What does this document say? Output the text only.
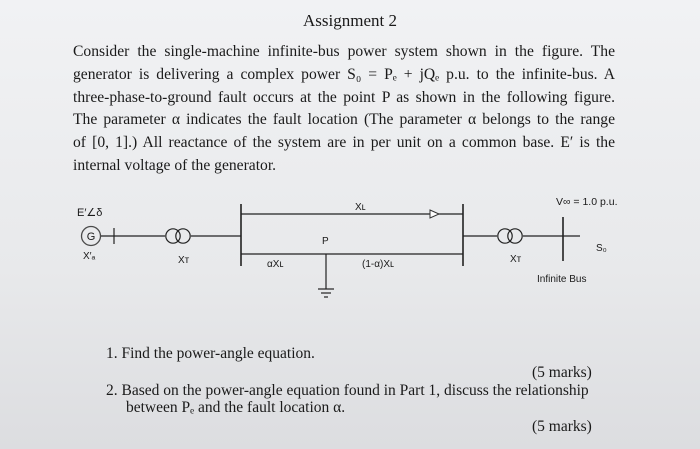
Assignment 2
Consider the single-machine infinite-bus power system shown in the figure. The
generator is delivering a complex power S₀ = Pₑ + jQₑ p.u. to the infinite-bus. A
three-phase-to-ground fault occurs at the point P as shown in the following figure.
The parameter α indicates the fault location (The parameter α belongs to the range
of [0, 1].) All reactance of the system are in per unit on a common base. E′ is the
internal voltage of the generator.
G
E′∠δ
X′ₐ	Xᴛ
Xʟ
αXʟ	(1-α)Xʟ
P
Xᴛ
V∞ = 1.0 p.u.
S₀
Infinite Bus
1. Find the power-angle equation.
(5 marks)
2. Based on the power-angle equation found in Part 1, discuss the relationship
between Pₑ and the fault location α.
(5 marks)
